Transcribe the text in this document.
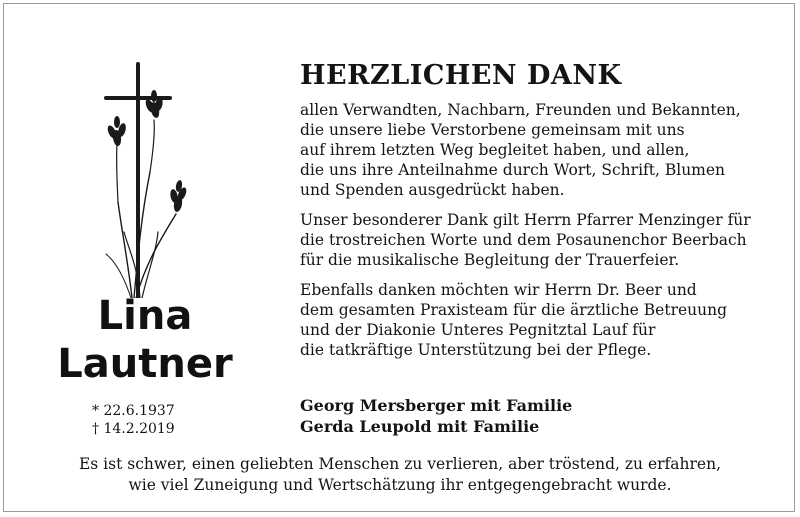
Lina
Lautner
* 22.6.1937
† 14.2.2019
HERZLICHEN DANK
allen Verwandten, Nachbarn, Freunden und Bekannten,
die unsere liebe Verstorbene gemeinsam mit uns
auf ihrem letzten Weg begleitet haben, und allen,
die uns ihre Anteilnahme durch Wort, Schrift, Blumen
und Spenden ausgedrückt haben.
Unser besonderer Dank gilt Herrn Pfarrer Menzinger für
die trostreichen Worte und dem Posaunenchor Beerbach
für die musikalische Begleitung der Trauerfeier.
Ebenfalls danken möchten wir Herrn Dr. Beer und
dem gesamten Praxisteam für die ärztliche Betreuung
und der Diakonie Unteres Pegnitztal Lauf für
die tatkräftige Unterstützung bei der Pflege.
Georg Mersberger mit Familie
Gerda Leupold mit Familie
Es ist schwer, einen geliebten Menschen zu verlieren, aber tröstend, zu erfahren,
wie viel Zuneigung und Wertschätzung ihr entgegengebracht wurde.
